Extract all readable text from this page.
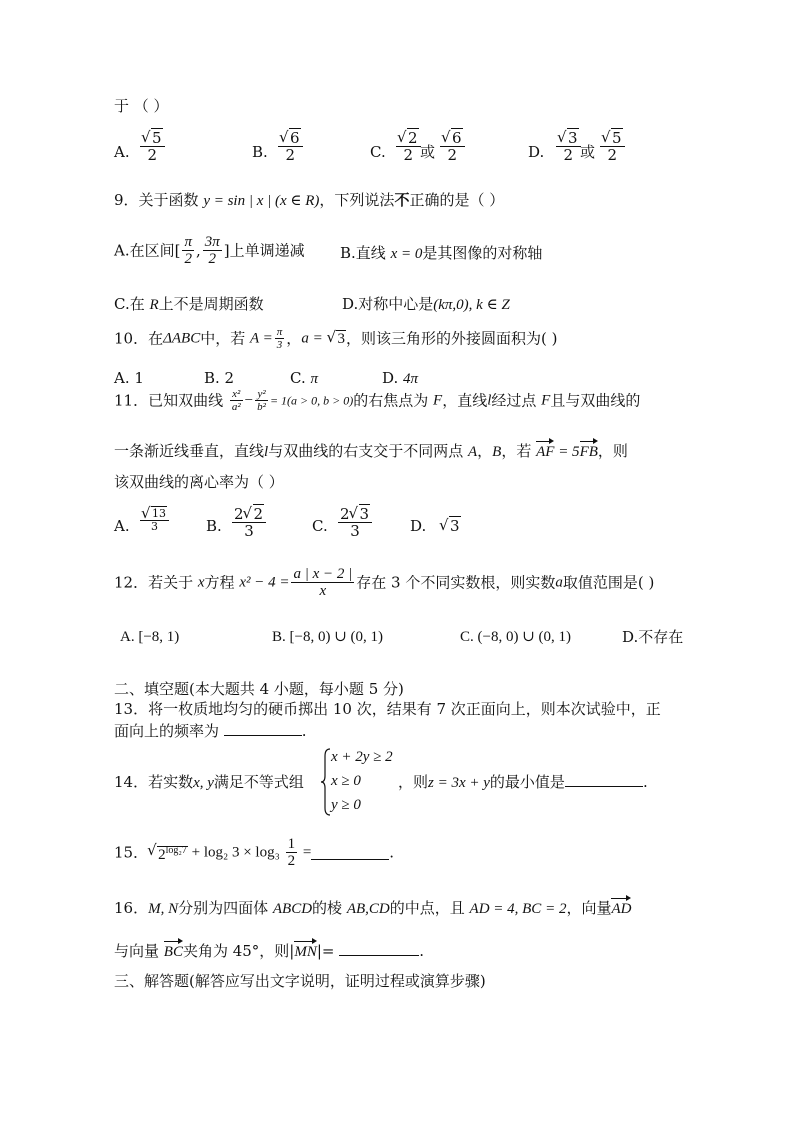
于 （ ）
A. √ $\frac{5}{2}$	B. √ $\frac{6}{2}$	C. √ $\frac{2}{2}$ 或 √ $\frac{6}{2}$	D. √ $\frac{3}{2}$ 或 √ $\frac{5}{2}$
9．关于函数 y = sin | x | (x ∈ R)，下列说法不正确的是（ ）
A.在区间[ $\frac{\pi}{2}$ , $\frac{3\pi}{2}$ ]上单调递减 B.直线 x = 0是其图像的对称轴
C.在 R上不是周期函数	D.对称中心是(kπ,0), k ∈ Z
10．在ΔABC中，若 $A = \frac{\pi}{3}$ ，a = √ 3，则该三角形的外接圆面积为( )
A. 1	B. 2	C. π	D. 4π
11．已知双曲线 $\frac{\text{x²}}{\text{a²}} - \frac{\text{y²}}{\text{b²}} = 1(a > 0$, b > 0)的右焦点为 F，直线l经过点 F且与双曲线的
一条渐近线垂直，直线l与双曲线的右支交于不同两点 A，B，若 AF = 5FB，则
该双曲线的离心率为（ ）
A. √ $\frac{13}{3} B$. $\frac{2 √ 2}{3}$	C. $\frac{2 √ 3}{3}$	D.	√ 3
12．若关于 x方程 $x^2 - 4 = \frac{a | x - 2 |}{x}$ 存在 3 个不同实数根，则实数a取值范围是( )
A. [−8, 1)	B. [−8, 0) ∪ (0, 1)	C. (−8, 0) ∪ (0, 1)	D.不存在
二、填空题(本大题共 4 小题，每小题 5 分)
13．将一枚质地均匀的硬币掷出 10 次，结果有 7 次正面向上，则本次试验中，正
面向上的频率为	.
14．若实数x, y满足不等式组
x + 2y ≥ 2
x ≥ 0
y ≥ 0
，则z = 3x + y的最小值是	.
15． √ $2^{log_27} + \log_2$ $3 \times \log_3 \frac{1}{2}$ =	.
16．M, N分别为四面体 ABCD的棱 AB,CD的中点，且 AD = 4, BC = 2，向量AD
与向量 BC夹角为 45°，则|MN|=	.
三、解答题(解答应写出文字说明，证明过程或演算步骤)
